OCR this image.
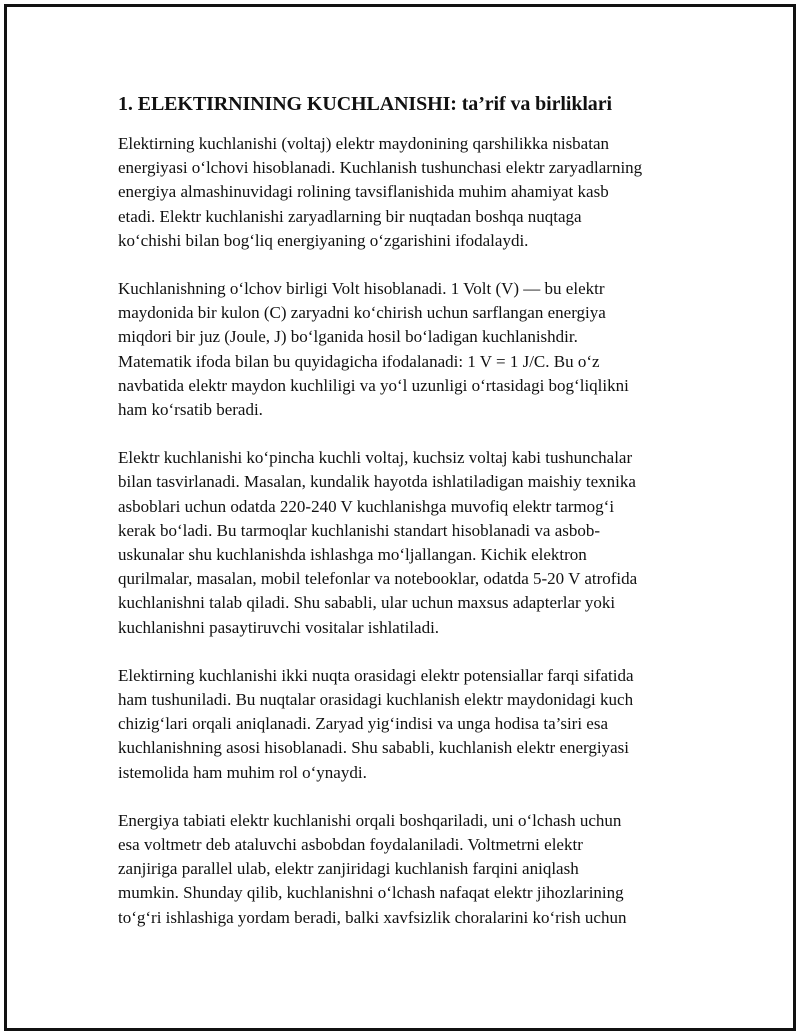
1. ELEKTIRNINING KUCHLANISHI: ta’rif va birliklari

Elektirning kuchlanishi (voltaj) elektr maydonining qarshilikka nisbatan
energiyasi o‘lchovi hisoblanadi. Kuchlanish tushunchasi elektr zaryadlarning
energiya almashinuvidagi rolining tavsiflanishida muhim ahamiyat kasb
etadi. Elektr kuchlanishi zaryadlarning bir nuqtadan boshqa nuqtaga
ko‘chishi bilan bog‘liq energiyaning o‘zgarishini ifodalaydi.

Kuchlanishning o‘lchov birligi Volt hisoblanadi. 1 Volt (V) — bu elektr
maydonida bir kulon (C) zaryadni ko‘chirish uchun sarflangan energiya
miqdori bir juz (Joule, J) bo‘lganida hosil bo‘ladigan kuchlanishdir.
Matematik ifoda bilan bu quyidagicha ifodalanadi: 1 V = 1 J/C. Bu o‘z
navbatida elektr maydon kuchliligi va yo‘l uzunligi o‘rtasidagi bog‘liqlikni
ham ko‘rsatib beradi.

Elektr kuchlanishi ko‘pincha kuchli voltaj, kuchsiz voltaj kabi tushunchalar
bilan tasvirlanadi. Masalan, kundalik hayotda ishlatiladigan maishiy texnika
asboblari uchun odatda 220-240 V kuchlanishga muvofiq elektr tarmog‘i
kerak bo‘ladi. Bu tarmoqlar kuchlanishi standart hisoblanadi va asbob-
uskunalar shu kuchlanishda ishlashga mo‘ljallangan. Kichik elektron
qurilmalar, masalan, mobil telefonlar va notebooklar, odatda 5-20 V atrofida
kuchlanishni talab qiladi. Shu sababli, ular uchun maxsus adapterlar yoki
kuchlanishni pasaytiruvchi vositalar ishlatiladi.

Elektirning kuchlanishi ikki nuqta orasidagi elektr potensiallar farqi sifatida
ham tushuniladi. Bu nuqtalar orasidagi kuchlanish elektr maydonidagi kuch
chizig‘lari orqali aniqlanadi. Zaryad yig‘indisi va unga hodisa ta’siri esa
kuchlanishning asosi hisoblanadi. Shu sababli, kuchlanish elektr energiyasi
istemolida ham muhim rol o‘ynaydi.

Energiya tabiati elektr kuchlanishi orqali boshqariladi, uni o‘lchash uchun
esa voltmetr deb ataluvchi asbobdan foydalaniladi. Voltmetrni elektr
zanjiriga parallel ulab, elektr zanjiridagi kuchlanish farqini aniqlash
mumkin. Shunday qilib, kuchlanishni o‘lchash nafaqat elektr jihozlarining
to‘g‘ri ishlashiga yordam beradi, balki xavfsizlik choralarini ko‘rish uchun
